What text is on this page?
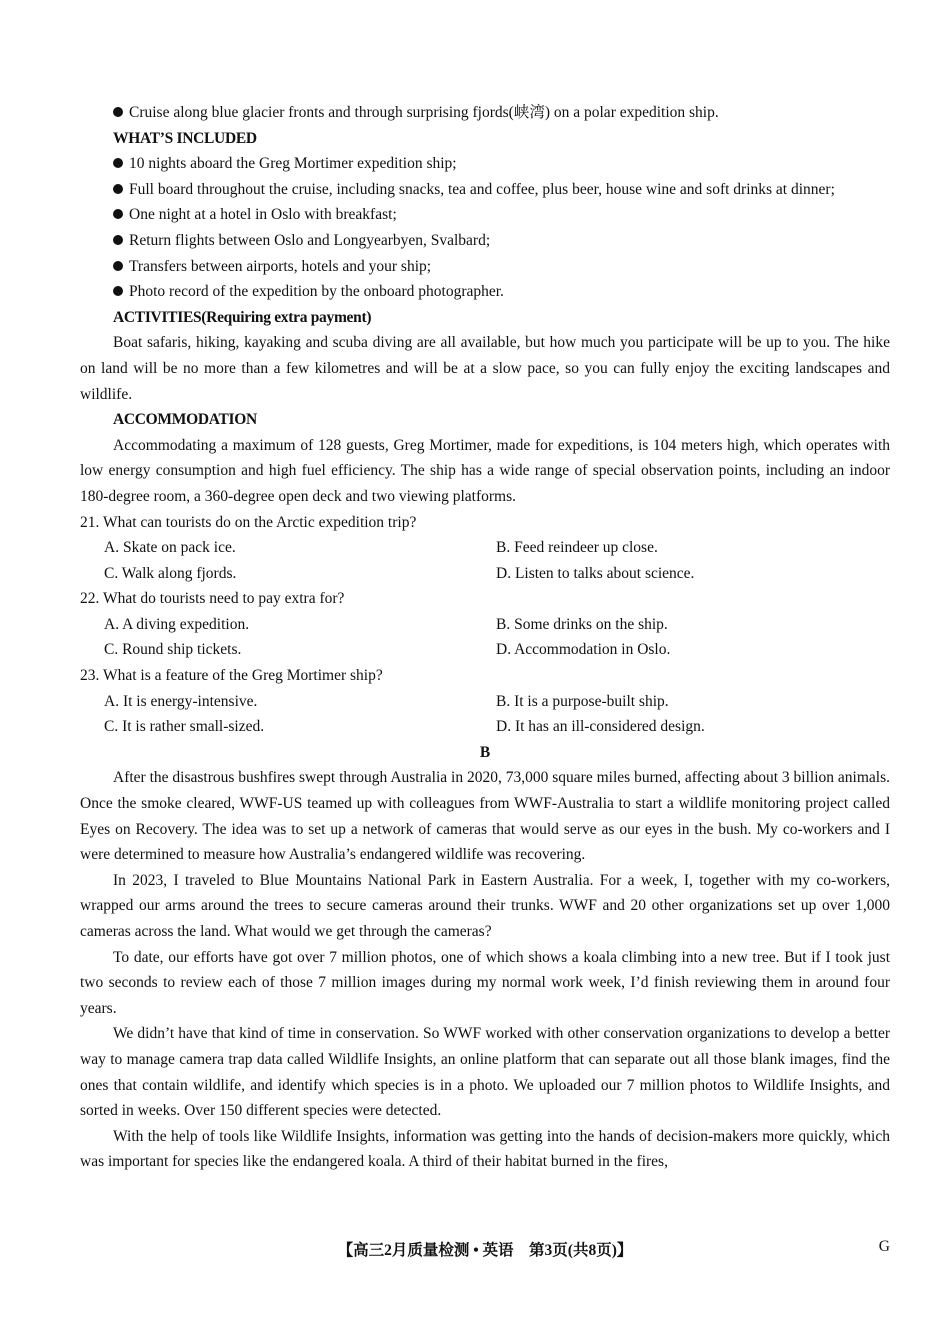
Cruise along blue glacier fronts and through surprising fjords(峡湾) on a polar expedition ship.

WHAT’S INCLUDED

10 nights aboard the Greg Mortimer expedition ship;

Full board throughout the cruise, including snacks, tea and coffee, plus beer, house wine and soft drinks at dinner;

One night at a hotel in Oslo with breakfast;

Return flights between Oslo and Longyearbyen, Svalbard;

Transfers between airports, hotels and your ship;

Photo record of the expedition by the onboard photographer.

ACTIVITIES(Requiring extra payment)

Boat safaris, hiking, kayaking and scuba diving are all available, but how much you participate will be up to you. The hike on land will be no more than a few kilometres and will be at a slow pace, so you can fully enjoy the exciting landscapes and wildlife.

ACCOMMODATION

Accommodating a maximum of 128 guests, Greg Mortimer, made for expeditions, is 104 meters high, which operates with low energy consumption and high fuel efficiency. The ship has a wide range of special observation points, including an indoor 180-degree room, a 360-degree open deck and two viewing platforms.

21. What can tourists do on the Arctic expedition trip?

A. Skate on pack ice.	B. Feed reindeer up close.
C. Walk along fjords.	D. Listen to talks about science.

22. What do tourists need to pay extra for?

A. A diving expedition.	B. Some drinks on the ship.
C. Round ship tickets.	D. Accommodation in Oslo.

23. What is a feature of the Greg Mortimer ship?

A. It is energy-intensive.	B. It is a purpose-built ship.
C. It is rather small-sized.	D. It has an ill-considered design.

B

After the disastrous bushfires swept through Australia in 2020, 73,000 square miles burned, affecting about 3 billion animals. Once the smoke cleared, WWF-US teamed up with colleagues from WWF-Australia to start a wildlife monitoring project called Eyes on Recovery. The idea was to set up a network of cameras that would serve as our eyes in the bush. My co-workers and I were determined to measure how Australia’s endangered wildlife was recovering.

In 2023, I traveled to Blue Mountains National Park in Eastern Australia. For a week, I, together with my co-workers, wrapped our arms around the trees to secure cameras around their trunks. WWF and 20 other organizations set up over 1,000 cameras across the land. What would we get through the cameras?

To date, our efforts have got over 7 million photos, one of which shows a koala climbing into a new tree. But if I took just two seconds to review each of those 7 million images during my normal work week, I’d finish reviewing them in around four years.

We didn’t have that kind of time in conservation. So WWF worked with other conservation organizations to develop a better way to manage camera trap data called Wildlife Insights, an online platform that can separate out all those blank images, find the ones that contain wildlife, and identify which species is in a photo. We uploaded our 7 million photos to Wildlife Insights, and sorted in weeks. Over 150 different species were detected.

With the help of tools like Wildlife Insights, information was getting into the hands of decision-makers more quickly, which was important for species like the endangered koala. A third of their habitat burned in the fires,

【高三2月质量检测 • 英语　第3页(共8页)】	G
